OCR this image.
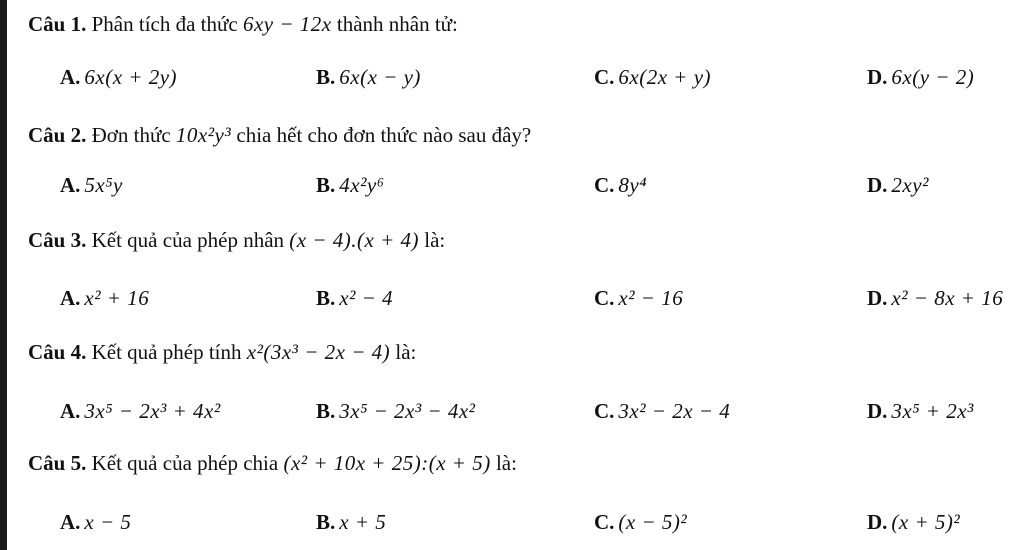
Câu 1. Phân tích đa thức 6xy − 12x thành nhân tử:
A. 6x(x + 2y)	B. 6x(x − y)	C. 6x(2x + y)	D. 6x(y − 2)
Câu 2. Đơn thức 10x²y³ chia hết cho đơn thức nào sau đây?
A. 5x⁵y	B. 4x²y⁶	C. 8y⁴	D. 2xy²
Câu 3. Kết quả của phép nhân (x − 4).(x + 4) là:
A. x² + 16	B. x² − 4	C. x² − 16	D. x² − 8x + 16
Câu 4. Kết quả phép tính x²(3x³ − 2x − 4) là:
A. 3x⁵ − 2x³ + 4x²	B. 3x⁵ − 2x³ − 4x²	C. 3x² − 2x − 4	D. 3x⁵ + 2x³
Câu 5. Kết quả của phép chia (x² + 10x + 25):(x + 5) là:
A. x − 5	B. x + 5	C. (x − 5)²	D. (x + 5)²
